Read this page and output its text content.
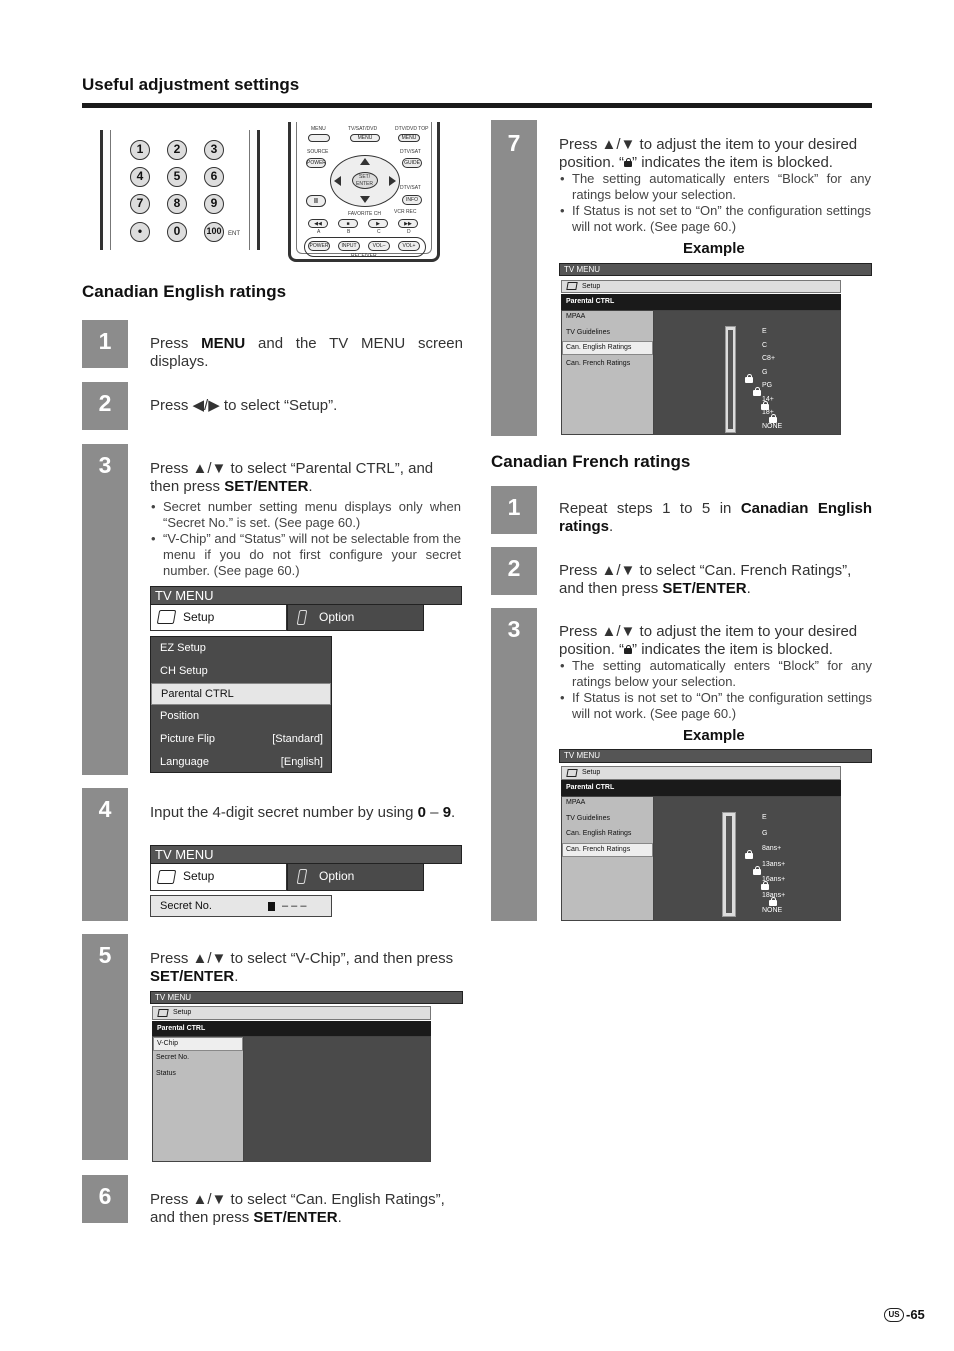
Useful adjustment settings
1	2	3
4	5	6
7	8	9
•	0	100	ENT
MENU	TV/SAT/DVD	DTV/DVD TOP
MENU	MENU
SOURCE	DTV/SAT
POWER	GUIDE
SET/
ENTER
DTV/SAT
II	INFO
FAVORITE CH	VCR REC
◀◀	■	▶	▶▶
A	B	C	D
POWER	INPUT	VOL–	VOL+
RECEIVER
Canadian English ratings
1	Press MENU and the TV MENU screen displays.
2	Press ◀/▶ to select “Setup”.
3	Press ▲/▼ to select “Parental CTRL”, and then press SET/ENTER.
• Secret number setting menu displays only when “Secret No.” is set. (See page 60.)
• “V-Chip” and “Status” will not be selectable from the menu if you do not first configure your secret number. (See page 60.)
TV MENU
Setup	Option
EZ Setup
CH Setup
Parental CTRL
Position
Picture Flip	[Standard]
Language	[English]
4	Input the 4-digit secret number by using 0 – 9.
TV MENU
Setup	Option
Secret No.	– – –
5	Press ▲/▼ to select “V-Chip”, and then press SET/ENTER.
TV MENU
Setup
Parental CTRL
V-Chip
Secret No.
Status
6	Press ▲/▼ to select “Can. English Ratings”, and then press SET/ENTER.
7	Press ▲/▼ to adjust the item to your desired position. “ ” indicates the item is blocked.
• The setting automatically enters “Block” for any ratings below your selection.
• If Status is not set to “On” the configuration settings will not work. (See page 60.)
Example
TV MENU
Setup
Parental CTRL
MPAA
TV Guidelines
Can. English Ratings
Can. French Ratings
E
C
C8+
G
PG
14+
18+
NONE
Canadian French ratings
1	Repeat steps 1 to 5 in Canadian English ratings.
2	Press ▲/▼ to select “Can. French Ratings”, and then press SET/ENTER.
3	Press ▲/▼ to adjust the item to your desired position. “ ” indicates the item is blocked.
• The setting automatically enters “Block” for any ratings below your selection.
• If Status is not set to “On” the configuration settings will not work. (See page 60.)
Example
TV MENU
Setup
Parental CTRL
MPAA
TV Guidelines
Can. English Ratings
Can. French Ratings
E
G
8ans+
13ans+
16ans+
18ans+
NONE
US -65
